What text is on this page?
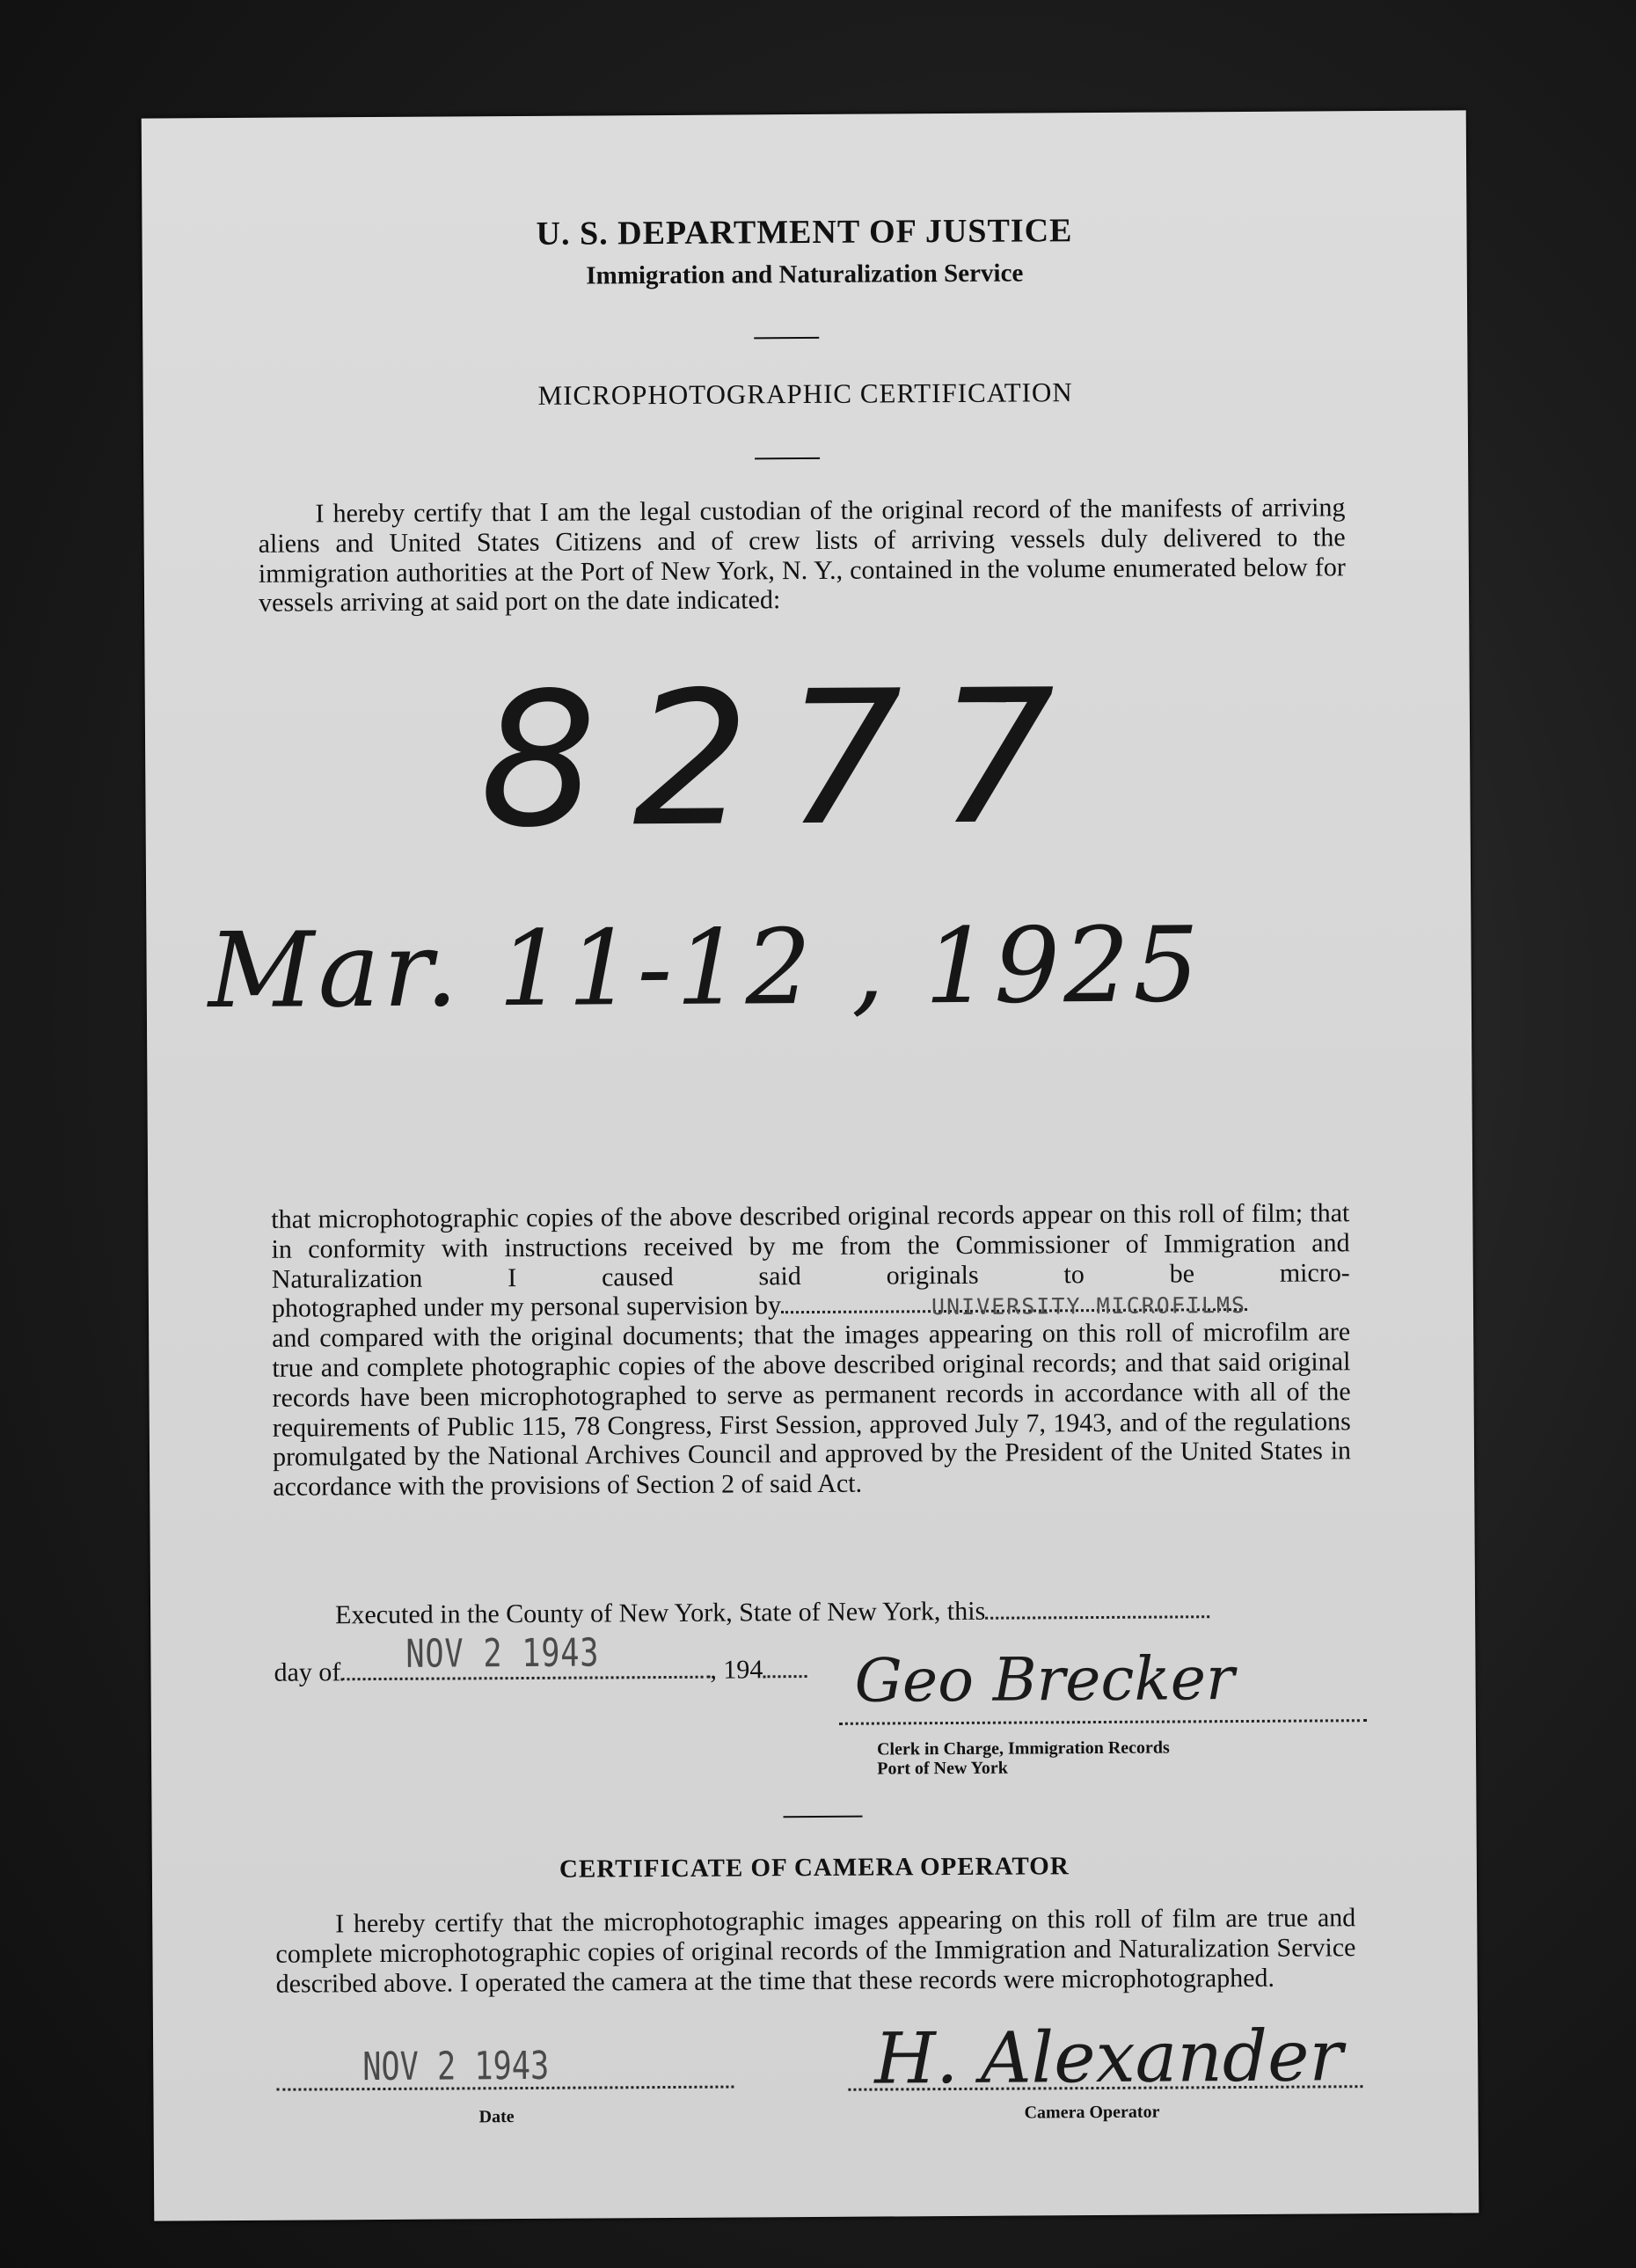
U. S. DEPARTMENT OF JUSTICE
Immigration and Naturalization Service
MICROPHOTOGRAPHIC CERTIFICATION
I hereby certify that I am the legal custodian of the original record of the manifests of arriving aliens and United States Citizens and of crew lists of arriving vessels duly delivered to the immigration authorities at the Port of New York, N. Y., contained in the volume enumerated below for vessels arriving at said port on the date indicated:
8277
Mar. 11-12 , 1925
that microphotographic copies of the above described original records appear on this roll of film; that in conformity with instructions received by me from the Commissioner of Immigration and Naturalization I caused said originals to be micro- photographed under my personal supervision by and compared with the original documents; that the images appearing on this roll of microfilm are true and complete photographic copies of the above described original records; and that said original records have been microphotographed to serve as permanent records in accordance with all of the requirements of Public 115, 78 Congress, First Session, approved July 7, 1943, and of the regulations promulgated by the National Archives Council and approved by the President of the United States in accordance with the provisions of Section 2 of said Act.
UNIVERSITY MICROFILMS
Executed in the County of New York, State of New York, this
day of	, 194
NOV 2 1943	Geo Brecker
Clerk in Charge, Immigration Records
Port of New York
CERTIFICATE OF CAMERA OPERATOR
I hereby certify that the microphotographic images appearing on this roll of film are true and complete microphotographic copies of original records of the Immigration and Naturalization Service described above. I operated the camera at the time that these records were microphotographed.
NOV 2 1943
Date
H. Alexander
Camera Operator
